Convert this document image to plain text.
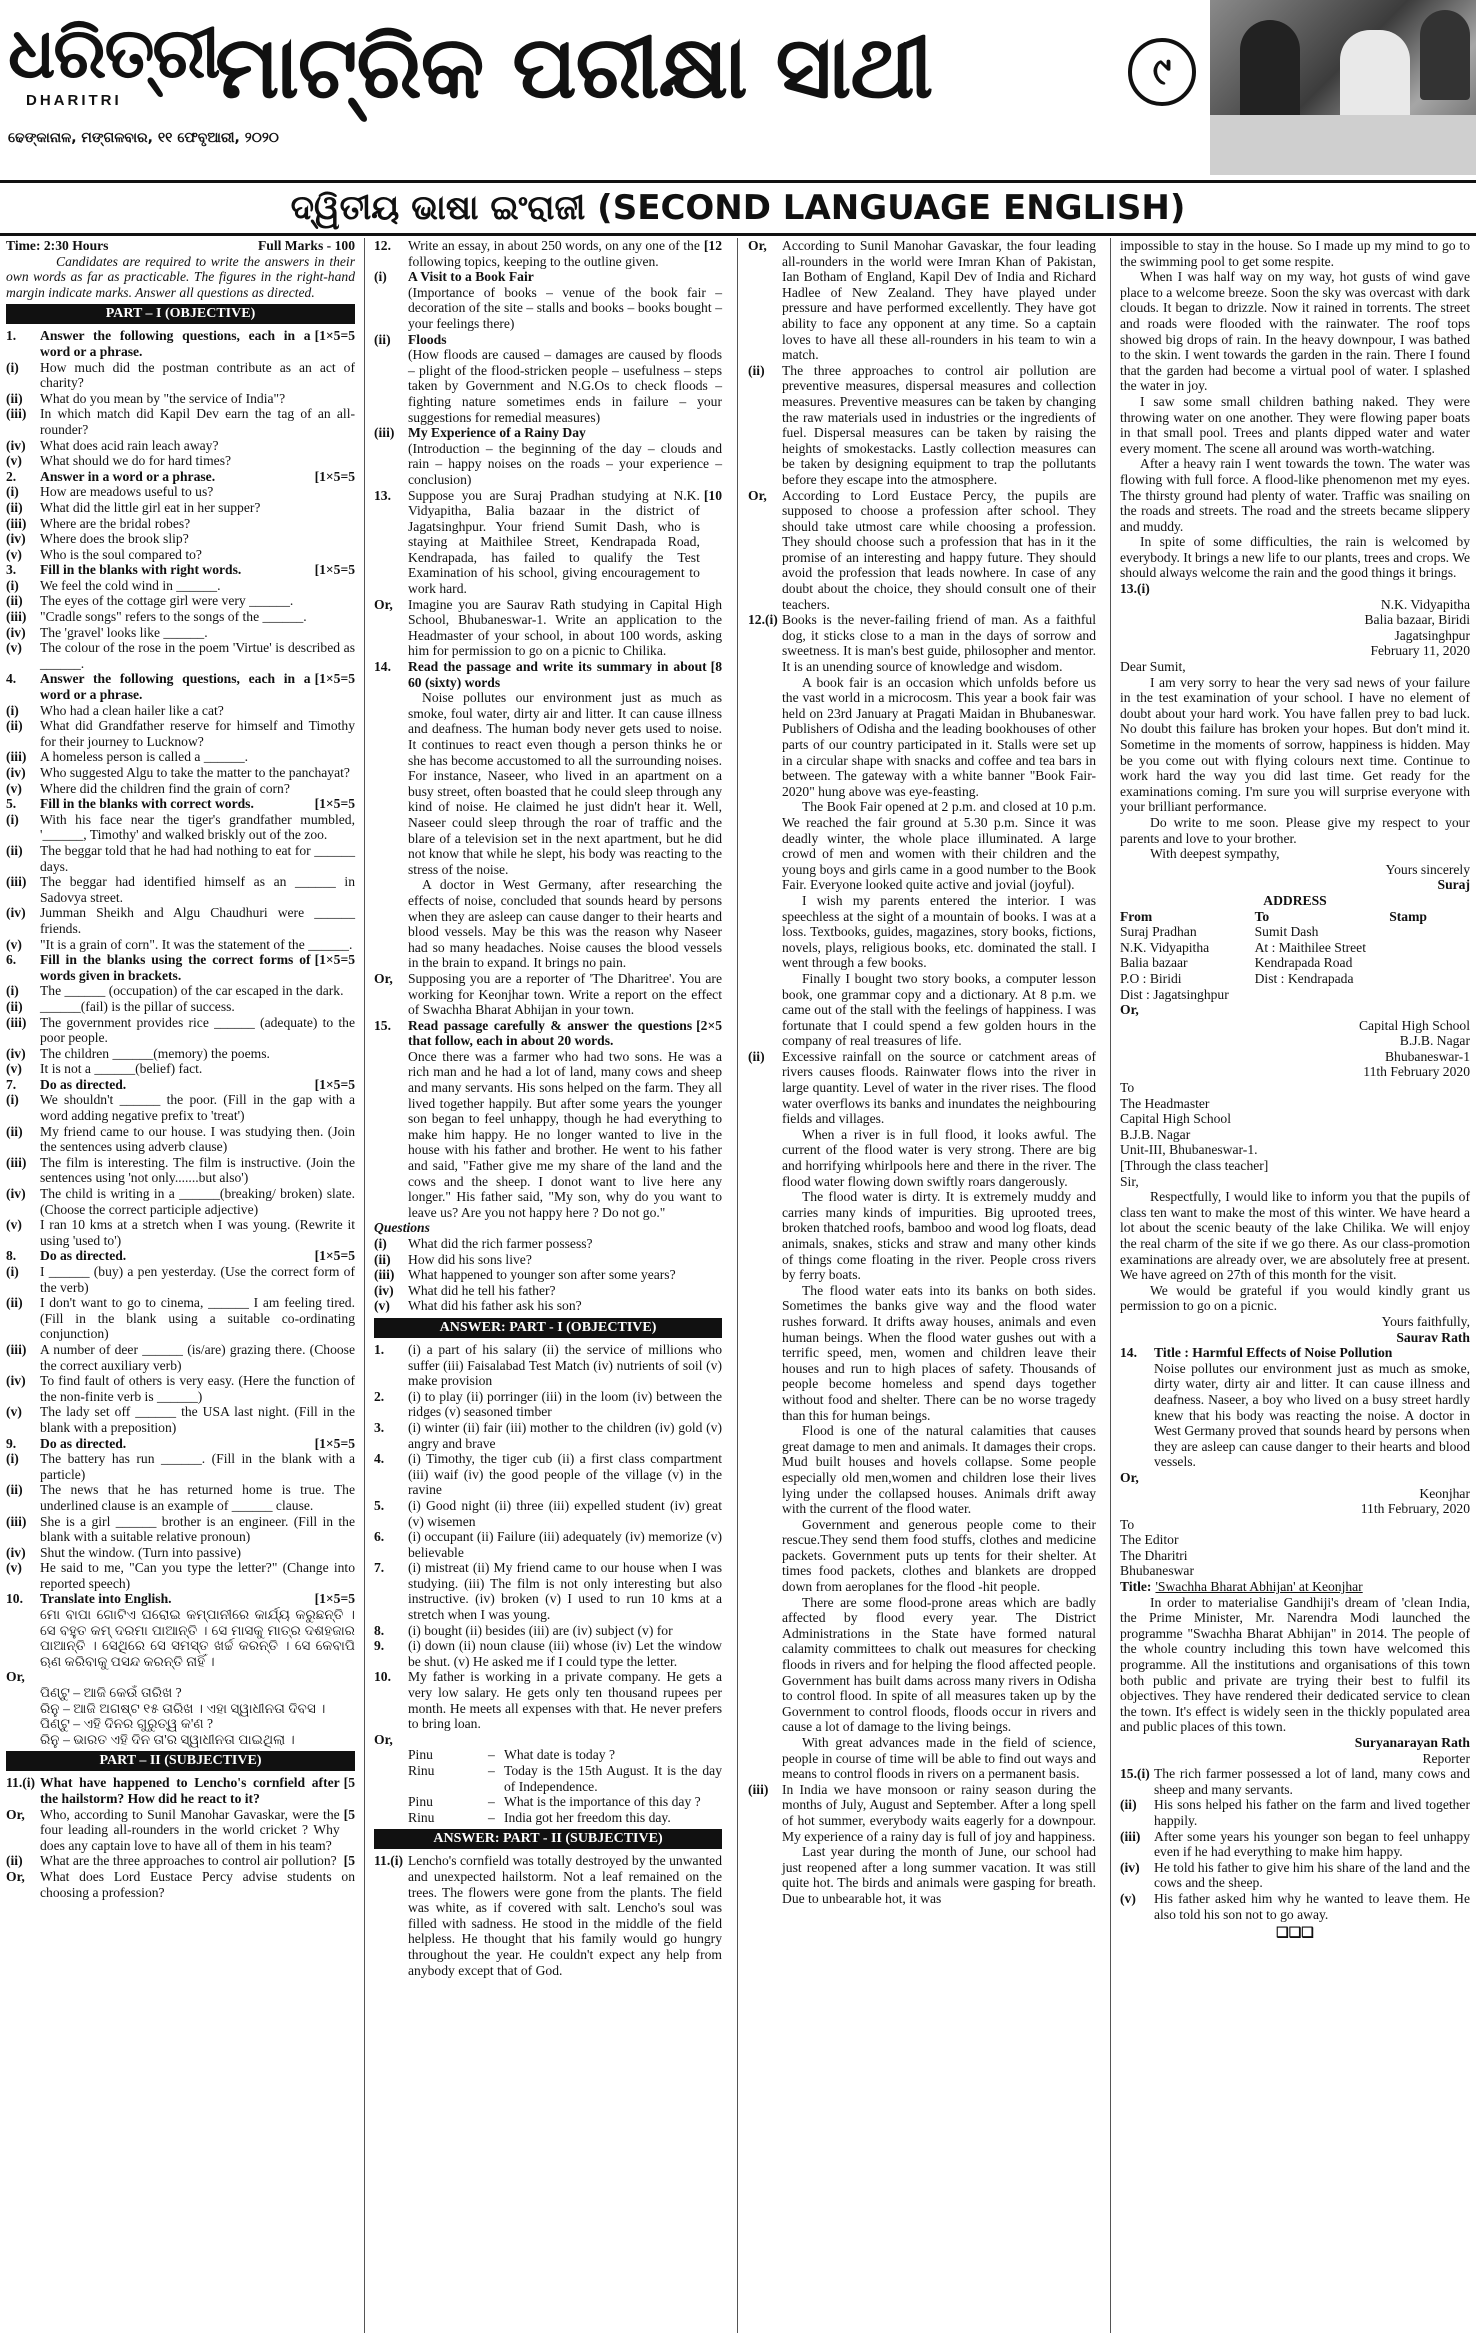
ଧରିତ୍ରୀ
DHARITRI
ଢେଙ୍କାନାଳ, ମଙ୍ଗଳବାର, ୧୧ ଫେବୃଆରୀ, ୨୦୨୦
ମାଟ୍ରିକ ପରୀକ୍ଷା ସାଥୀ	୯
ଦ୍ୱିତୀୟ ଭାଷା ଇଂରାଜୀ (SECOND LANGUAGE ENGLISH)
Time: 2:30 Hours	Full Marks - 100

Candidates are required to write the answers in their own words as far as practicable. The figures in the right-hand margin indicate marks. Answer all questions as directed.

PART – I (OBJECTIVE)
1.	Answer the following questions, each in a word or a phrase.
[1×5=5
(i)	How much did the postman contribute as an act of charity?
(ii)	What do you mean by "the service of India"?
(iii)	In which match did Kapil Dev earn the tag of an all-rounder?
(iv)	What does acid rain leach away?
(v)	What should we do for hard times?
2.	Answer in a word or a phrase.	[1×5=5
(i)	How are meadows useful to us?
(ii)	What did the little girl eat in her supper?
(iii)	Where are the bridal robes?
(iv)	Where does the brook slip?
(v)	Who is the soul compared to?
3.	Fill in the blanks with right words.	[1×5=5
(i)	We feel the cold wind in ______.
(ii)	The eyes of the cottage girl were very ______.
(iii)	"Cradle songs" refers to the songs of the ______.
(iv)	The 'gravel' looks like ______.
(v)	The colour of the rose in the poem 'Virtue' is described as ______.
4.	Answer the following questions, each in a word or a phrase.
[1×5=5
(i)	Who had a clean hailer like a cat?
(ii)	What did Grandfather reserve for himself and Timothy for their journey to Lucknow?
(iii)	A homeless person is called a ______.
(iv)	Who suggested Algu to take the matter to the panchayat?
(v)	Where did the children find the grain of corn?
5.	Fill in the blanks with correct words.	[1×5=5
(i)	With his face near the tiger's grandfather mumbled, '______, Timothy' and walked briskly out of the zoo.
(ii)	The beggar told that he had had nothing to eat for ______ days.
(iii)	The beggar had identified himself as an ______ in Sadovya street.
(iv)	Jumman Sheikh and Algu Chaudhuri were ______ friends.
(v)	"It is a grain of corn". It was the statement of the ______.
6.	Fill in the blanks using the correct forms of words given in brackets.
[1×5=5
(i)	The ______ (occupation) of the car escaped in the dark.
(ii)	______(fail) is the pillar of success.
(iii)	The government provides rice ______ (adequate) to the poor people.
(iv)	The children ______(memory) the poems.
(v)	It is not a ______(belief) fact.
7.	Do as directed.	[1×5=5
(i)	We shouldn't ______ the poor. (Fill in the gap with a word adding negative prefix to 'treat')
(ii)	My friend came to our house. I was studying then. (Join the sentences using adverb clause)
(iii)	The film is interesting. The film is instructive. (Join the sentences using 'not only.......but also')
(iv)	The child is writing in a ______(breaking/ broken) slate. (Choose the correct participle adjective)
(v)	I ran 10 kms at a stretch when I was young. (Rewrite it using 'used to')
8.	Do as directed.	[1×5=5
(i)	I ______ (buy) a pen yesterday. (Use the correct form of the verb)
(ii)	I don't want to go to cinema, ______ I am feeling tired. (Fill in the blank using a suitable co-ordinating conjunction)
(iii)	A number of deer ______ (is/are) grazing there. (Choose the correct auxiliary verb)
(iv)	To find fault of others is very easy. (Here the function of the non-finite verb is ______)
(v)	The lady set off ______ the USA last night. (Fill in the blank with a preposition)
9.	Do as directed.	[1×5=5
(i)	The battery has run ______. (Fill in the blank with a particle)
(ii)	The news that he has returned home is true. The underlined clause is an example of ______ clause.
(iii)	She is a girl ______ brother is an engineer. (Fill in the blank with a suitable relative pronoun)
(iv)	Shut the window. (Turn into passive)
(v)	He said to me, "Can you type the letter?" (Change into reported speech)
10.	Translate into English.	[1×5=5

ମୋ ବାପା ଗୋଟିଏ ଘରୋଇ କମ୍ପାନୀରେ କାର୍ଯ୍ୟ କରୁଛନ୍ତି । ସେ ବହୁତ କମ୍ ଦରମା ପାଆନ୍ତି । ସେ ମାସକୁ ମାତ୍ର ଦଶହଜାର ପାଆନ୍ତି । ସେଥିରେ ସେ ସମସ୍ତ ଖର୍ଚ୍ଚ କରନ୍ତି । ସେ କେବାପି ଋଣ କରିବାକୁ ପସନ୍ଦ କରନ୍ତି ନାହିଁ ।

Or,

ପିଣ୍ଟୁ – ଆଜି କେଉଁ ତାରିଖ ?

ରିନୁ – ଆଜି ଅଗଷ୍ଟ ୧୫ ତାରିଖ । ଏହା ସ୍ୱାଧୀନତା ଦିବସ ।

ପିଣ୍ଟୁ – ଏହି ଦିନର ଗୁରୁତ୍ୱ କ'ଣ ?

ରିନୁ – ଭାରତ ଏହି ଦିନ ତା'ର ସ୍ୱାଧୀନତା ପାଇଥିଲା ।

PART – II (SUBJECTIVE)
11.(i) What have happened to Lencho's cornfield after the hailstorm? How did he react to it?
[5
Or,	Who, according to Sunil Manohar Gavaskar, were the four leading all-rounders in the world cricket ? Why does any captain love to have all of them in his team?
[5
(ii)	What are the three approaches to control air pollution? [5
Or,	What does Lord Eustace Percy advise students on choosing a profession?
12.	Write an essay, in about 250 words, on any one of the following topics, keeping to the outline given.
[12
(i)	A Visit to a Book Fair
(Importance of books – venue of the book fair – decoration of the site – stalls and books – books bought – your feelings there)
(ii)	Floods
(How floods are caused – damages are caused by floods – plight of the flood-stricken people – usefulness – steps taken by Government and N.G.Os to check floods – fighting nature sometimes ends in failure – your suggestions for remedial measures)
(iii)	My Experience of a Rainy Day
(Introduction – the beginning of the day – clouds and rain – happy noises on the roads – your experience – conclusion)
13.	Suppose you are Suraj Pradhan studying at N.K. Vidyapitha, Balia bazaar in the district of Jagatsinghpur. Your friend Sumit Dash, who is staying at Maithilee Street, Kendrapada Road, Kendrapada, has failed to qualify the Test Examination of his school, giving encouragement to work hard.
[10
Or,	Imagine you are Saurav Rath studying in Capital High School, Bhubaneswar-1. Write an application to the Headmaster of your school, in about 100 words, asking him for permission to go on a picnic to Chilika.
14.	Read the passage and write its summary in about 60 (sixty) words
[8

Noise pollutes our environment just as much as smoke, foul water, dirty air and litter. It can cause illness and deafness. The human body never gets used to noise. It continues to react even though a person thinks he or she has become accustomed to all the surrounding noises. For instance, Naseer, who lived in an apartment on a busy street, often boasted that he could sleep through any kind of noise. He claimed he just didn't hear it. Well, Naseer could sleep through the roar of traffic and the blare of a television set in the next apartment, but he did not know that while he slept, his body was reacting to the stress of the noise.

A doctor in West Germany, after researching the effects of noise, concluded that sounds heard by persons when they are asleep can cause danger to their hearts and blood vessels. May be this was the reason why Naseer had so many headaches. Noise causes the blood vessels in the brain to expand. It brings no pain.

Or,	Supposing you are a reporter of 'The Dharitree'. You are working for Keonjhar town. Write a report on the effect of Swachha Bharat Abhijan in your town.
15.	Read passage carefully & answer the questions that follow, each in about 20 words.
[2×5

Once there was a farmer who had two sons. He was a rich man and he had a lot of land, many cows and sheep and many servants. His sons helped on the farm. They all lived together happily. But after some years the younger son began to feel unhappy, though he had everything to make him happy. He no longer wanted to live in the house with his father and brother. He went to his father and said, "Father give me my share of the land and the cows and the sheep. I donot want to live here any longer." His father said, "My son, why do you want to leave us? Are you not happy here ? Do not go."

Questions

(i)	What did the rich farmer possess?
(ii)	How did his sons live?
(iii)	What happened to younger son after some years?
(iv)	What did he tell his father?
(v)	What did his father ask his son?
ANSWER: PART - I (OBJECTIVE)
1.	(i) a part of his salary (ii) the service of millions who suffer (iii) Faisalabad Test Match (iv) nutrients of soil (v) make provision
2.	(i) to play (ii) porringer (iii) in the loom (iv) between the ridges (v) seasoned timber
3.	(i) winter (ii) fair (iii) mother to the children (iv) gold (v) angry and brave
4.	(i) Timothy, the tiger cub (ii) a first class compartment (iii) waif (iv) the good people of the village (v) in the ravine
5.	(i) Good night (ii) three (iii) expelled student (iv) great (v) wisemen
6.	(i) occupant (ii) Failure (iii) adequately (iv) memorize (v) believable
7.	(i) mistreat (ii) My friend came to our house when I was studying. (iii) The film is not only interesting but also instructive. (iv) broken (v) I used to run 10 kms at a stretch when I was young.
8.	(i) bought (ii) besides (iii) are (iv) subject (v) for
9.	(i) down (ii) noun clause (iii) whose (iv) Let the window be shut. (v) He asked me if I could type the letter.
10.	My father is working in a private company. He gets a very low salary. He gets only ten thousand rupees per month. He meets all expenses with that. He never prefers to bring loan.

Or,

Pinu	– What date is today ?
Rinu	– Today is the 15th August. It is the day of Independence.
Pinu	– What is the importance of this day ?
Rinu	– India got her freedom this day.
ANSWER: PART - II (SUBJECTIVE)
11.(i) Lencho's cornfield was totally destroyed by the unwanted and unexpected hailstorm. Not a leaf remained on the trees. The flowers were gone from the plants. The field was white, as if covered with salt. Lencho's soul was filled with sadness. He stood in the middle of the field helpless. He thought that his family would go hungry throughout the year. He couldn't expect any help from anybody except that of God.
Or,	According to Sunil Manohar Gavaskar, the four leading all-rounders in the world were Imran Khan of Pakistan, Ian Botham of England, Kapil Dev of India and Richard Hadlee of New Zealand. They have played under pressure and have performed excellently. They have got ability to face any opponent at any time. So a captain loves to have all these all-rounders in his team to win a match.
(ii)	The three approaches to control air pollution are preventive measures, dispersal measures and collection measures. Preventive measures can be taken by changing the raw materials used in industries or the ingredients of fuel. Dispersal measures can be taken by raising the heights of smokestacks. Lastly collection measures can be taken by designing equipment to trap the pollutants before they escape into the atmosphere.
Or,	According to Lord Eustace Percy, the pupils are supposed to choose a profession after school. They should take utmost care while choosing a profession. They should choose such a profession that has in it the promise of an interesting and happy future. They should avoid the profession that leads nowhere. In case of any doubt about the choice, they should consult one of their teachers.
12.(i) Books is the never-failing friend of man. As a faithful dog, it sticks close to a man in the days of sorrow and sweetness. It is man's best guide, philosopher and mentor. It is an unending source of knowledge and wisdom.

A book fair is an occasion which unfolds before us the vast world in a microcosm. This year a book fair was held on 23rd January at Pragati Maidan in Bhubaneswar. Publishers of Odisha and the leading bookhouses of other parts of our country participated in it. Stalls were set up in a circular shape with snacks and coffee and tea bars in between. The gateway with a white banner "Book Fair-2020" hung above was eye-feasting.

The Book Fair opened at 2 p.m. and closed at 10 p.m. We reached the fair ground at 5.30 p.m. Since it was deadly winter, the whole place illuminated. A large crowd of men and women with their children and the young boys and girls came in a good number to the Book Fair. Everyone looked quite active and jovial (joyful).

I wish my parents entered the interior. I was speechless at the sight of a mountain of books. I was at a loss. Textbooks, guides, magazines, story books, fictions, novels, plays, religious books, etc. dominated the stall. I went through a few books.

Finally I bought two story books, a computer lesson book, one grammar copy and a dictionary. At 8 p.m. we came out of the stall with the feelings of happiness. I was fortunate that I could spend a few golden hours in the company of real treasures of life.

(ii)	Excessive rainfall on the source or catchment areas of rivers causes floods. Rainwater flows into the river in large quantity. Level of water in the river rises. The flood water overflows its banks and inundates the neighbouring fields and villages.

When a river is in full flood, it looks awful. The current of the flood water is very strong. There are big and horrifying whirlpools here and there in the river. The flood water flowing down swiftly roars dangerously.

The flood water is dirty. It is extremely muddy and carries many kinds of impurities. Big uprooted trees, broken thatched roofs, bamboo and wood log floats, dead animals, snakes, sticks and straw and many other kinds of things come floating in the river. People cross rivers by ferry boats.

The flood water eats into its banks on both sides. Sometimes the banks give way and the flood water rushes forward. It drifts away houses, animals and even human beings. When the flood water gushes out with a terrific speed, men, women and children leave their houses and run to high places of safety. Thousands of people become homeless and spend days together without food and shelter. There can be no worse tragedy than this for human beings.

Flood is one of the natural calamities that causes great damage to men and animals. It damages their crops. Mud built houses and hovels collapse. Some people especially old men,women and children lose their lives lying under the collapsed houses. Animals drift away with the current of the flood water.

Government and generous people come to their rescue.They send them food stuffs, clothes and medicine packets. Government puts up tents for their shelter. At times food packets, clothes and blankets are dropped down from aeroplanes for the flood -hit people.

There are some flood-prone areas which are badly affected by flood every year. The District Administrations in the State have formed natural calamity committees to chalk out measures for checking floods in rivers and for helping the flood affected people. Government has built dams across many rivers in Odisha to control flood. In spite of all measures taken up by the Government to control floods, floods occur in rivers and cause a lot of damage to the living beings.

With great advances made in the field of science, people in course of time will be able to find out ways and means to control floods in rivers on a permanent basis.

(iii)	In India we have monsoon or rainy season during the months of July, August and September. After a long spell of hot summer, everybody waits eagerly for a downpour. My experience of a rainy day is full of joy and happiness.

Last year during the month of June, our school had just reopened after a long summer vacation. It was still quite hot. The birds and animals were gasping for breath. Due to unbearable hot, it was

impossible to stay in the house. So I made up my mind to go to the swimming pool to get some respite.

When I was half way on my way, hot gusts of wind gave place to a welcome breeze. Soon the sky was overcast with dark clouds. It began to drizzle. Now it rained in torrents. The street and roads were flooded with the rainwater. The roof tops showed big drops of rain. In the heavy downpour, I was bathed to the skin. I went towards the garden in the rain. There I found that the garden had become a virtual pool of water. I splashed the water in joy.

I saw some small children bathing naked. They were throwing water on one another. They were flowing paper boats in that small pool. Trees and plants dipped water and water every moment. The scene all around was worth-watching.

After a heavy rain I went towards the town. The water was flowing with full force. A flood-like phenomenon met my eyes. The thirsty ground had plenty of water. Traffic was snailing on the roads and streets. The road and the streets became slippery and muddy.

In spite of some difficulties, the rain is welcomed by everybody. It brings a new life to our plants, trees and crops. We should always welcome the rain and the good things it brings.

13.(i)

N.K. Vidyapitha

Balia bazaar, Biridi

Jagatsinghpur

February 11, 2020

Dear Sumit,

I am very sorry to hear the very sad news of your failure in the test examination of your school. I have no element of doubt about your hard work. You have fallen prey to bad luck. No doubt this failure has broken your hopes. But don't mind it. Sometime in the moments of sorrow, happiness is hidden. May be you come out with flying colours next time. Continue to work hard the way you did last time. Get ready for the examinations coming. I'm sure you will surprise everyone with your brilliant performance.

Do write to me soon. Please give my respect to your parents and love to your brother.

With deepest sympathy,

Yours sincerely

Suraj

ADDRESS

From	To	Stamp
Suraj Pradhan	Sumit Dash
N.K. Vidyapitha	At : Maithilee Street
Balia bazaar	Kendrapada Road
P.O : Biridi	Dist : Kendrapada
Dist : Jagatsinghpur

Or,

Capital High School

B.J.B. Nagar

Bhubaneswar-1

11th February 2020

To

The Headmaster

Capital High School

B.J.B. Nagar

Unit-III, Bhubaneswar-1.

[Through the class teacher]

Sir,

Respectfully, I would like to inform you that the pupils of class ten want to make the most of this winter. We have heard a lot about the scenic beauty of the lake Chilika. We will enjoy the real charm of the site if we go there. As our class-promotion examinations are already over, we are absolutely free at present. We have agreed on 27th of this month for the visit.

We would be grateful if you would kindly grant us permission to go on a picnic.

Yours faithfully,

Saurav Rath

14.	Title : Harmful Effects of Noise Pollution

Noise pollutes our environment just as much as smoke, dirty water, dirty air and litter. It can cause illness and deafness. Naseer, a boy who lived on a busy street hardly knew that his body was reacting the noise. A doctor in West Germany proved that sounds heard by persons when they are asleep can cause danger to their hearts and blood vessels.

Or,

Keonjhar

11th February, 2020

To

The Editor

The Dharitri

Bhubaneswar

Title: 'Swachha Bharat Abhijan' at Keonjhar

In order to materialise Gandhiji's dream of 'clean India, the Prime Minister, Mr. Narendra Modi launched the programme "Swachha Bharat Abhijan" in 2014. The people of the whole country including this town have welcomed this programme. All the institutions and organisations of this town both public and private are trying their best to fulfil its objectives. They have rendered their dedicated service to clean the town. It's effect is widely seen in the thickly populated area and public places of this town.

Suryanarayan Rath

Reporter

15.(i) The rich farmer possessed a lot of land, many cows and sheep and many servants.
(ii)	His sons helped his father on the farm and lived together happily.
(iii)	After some years his younger son began to feel unhappy even if he had everything to make him happy.
(iv)	He told his father to give him his share of the land and the cows and the sheep.
(v)	His father asked him why he wanted to leave them. He also told his son not to go away.

❑❑❑
